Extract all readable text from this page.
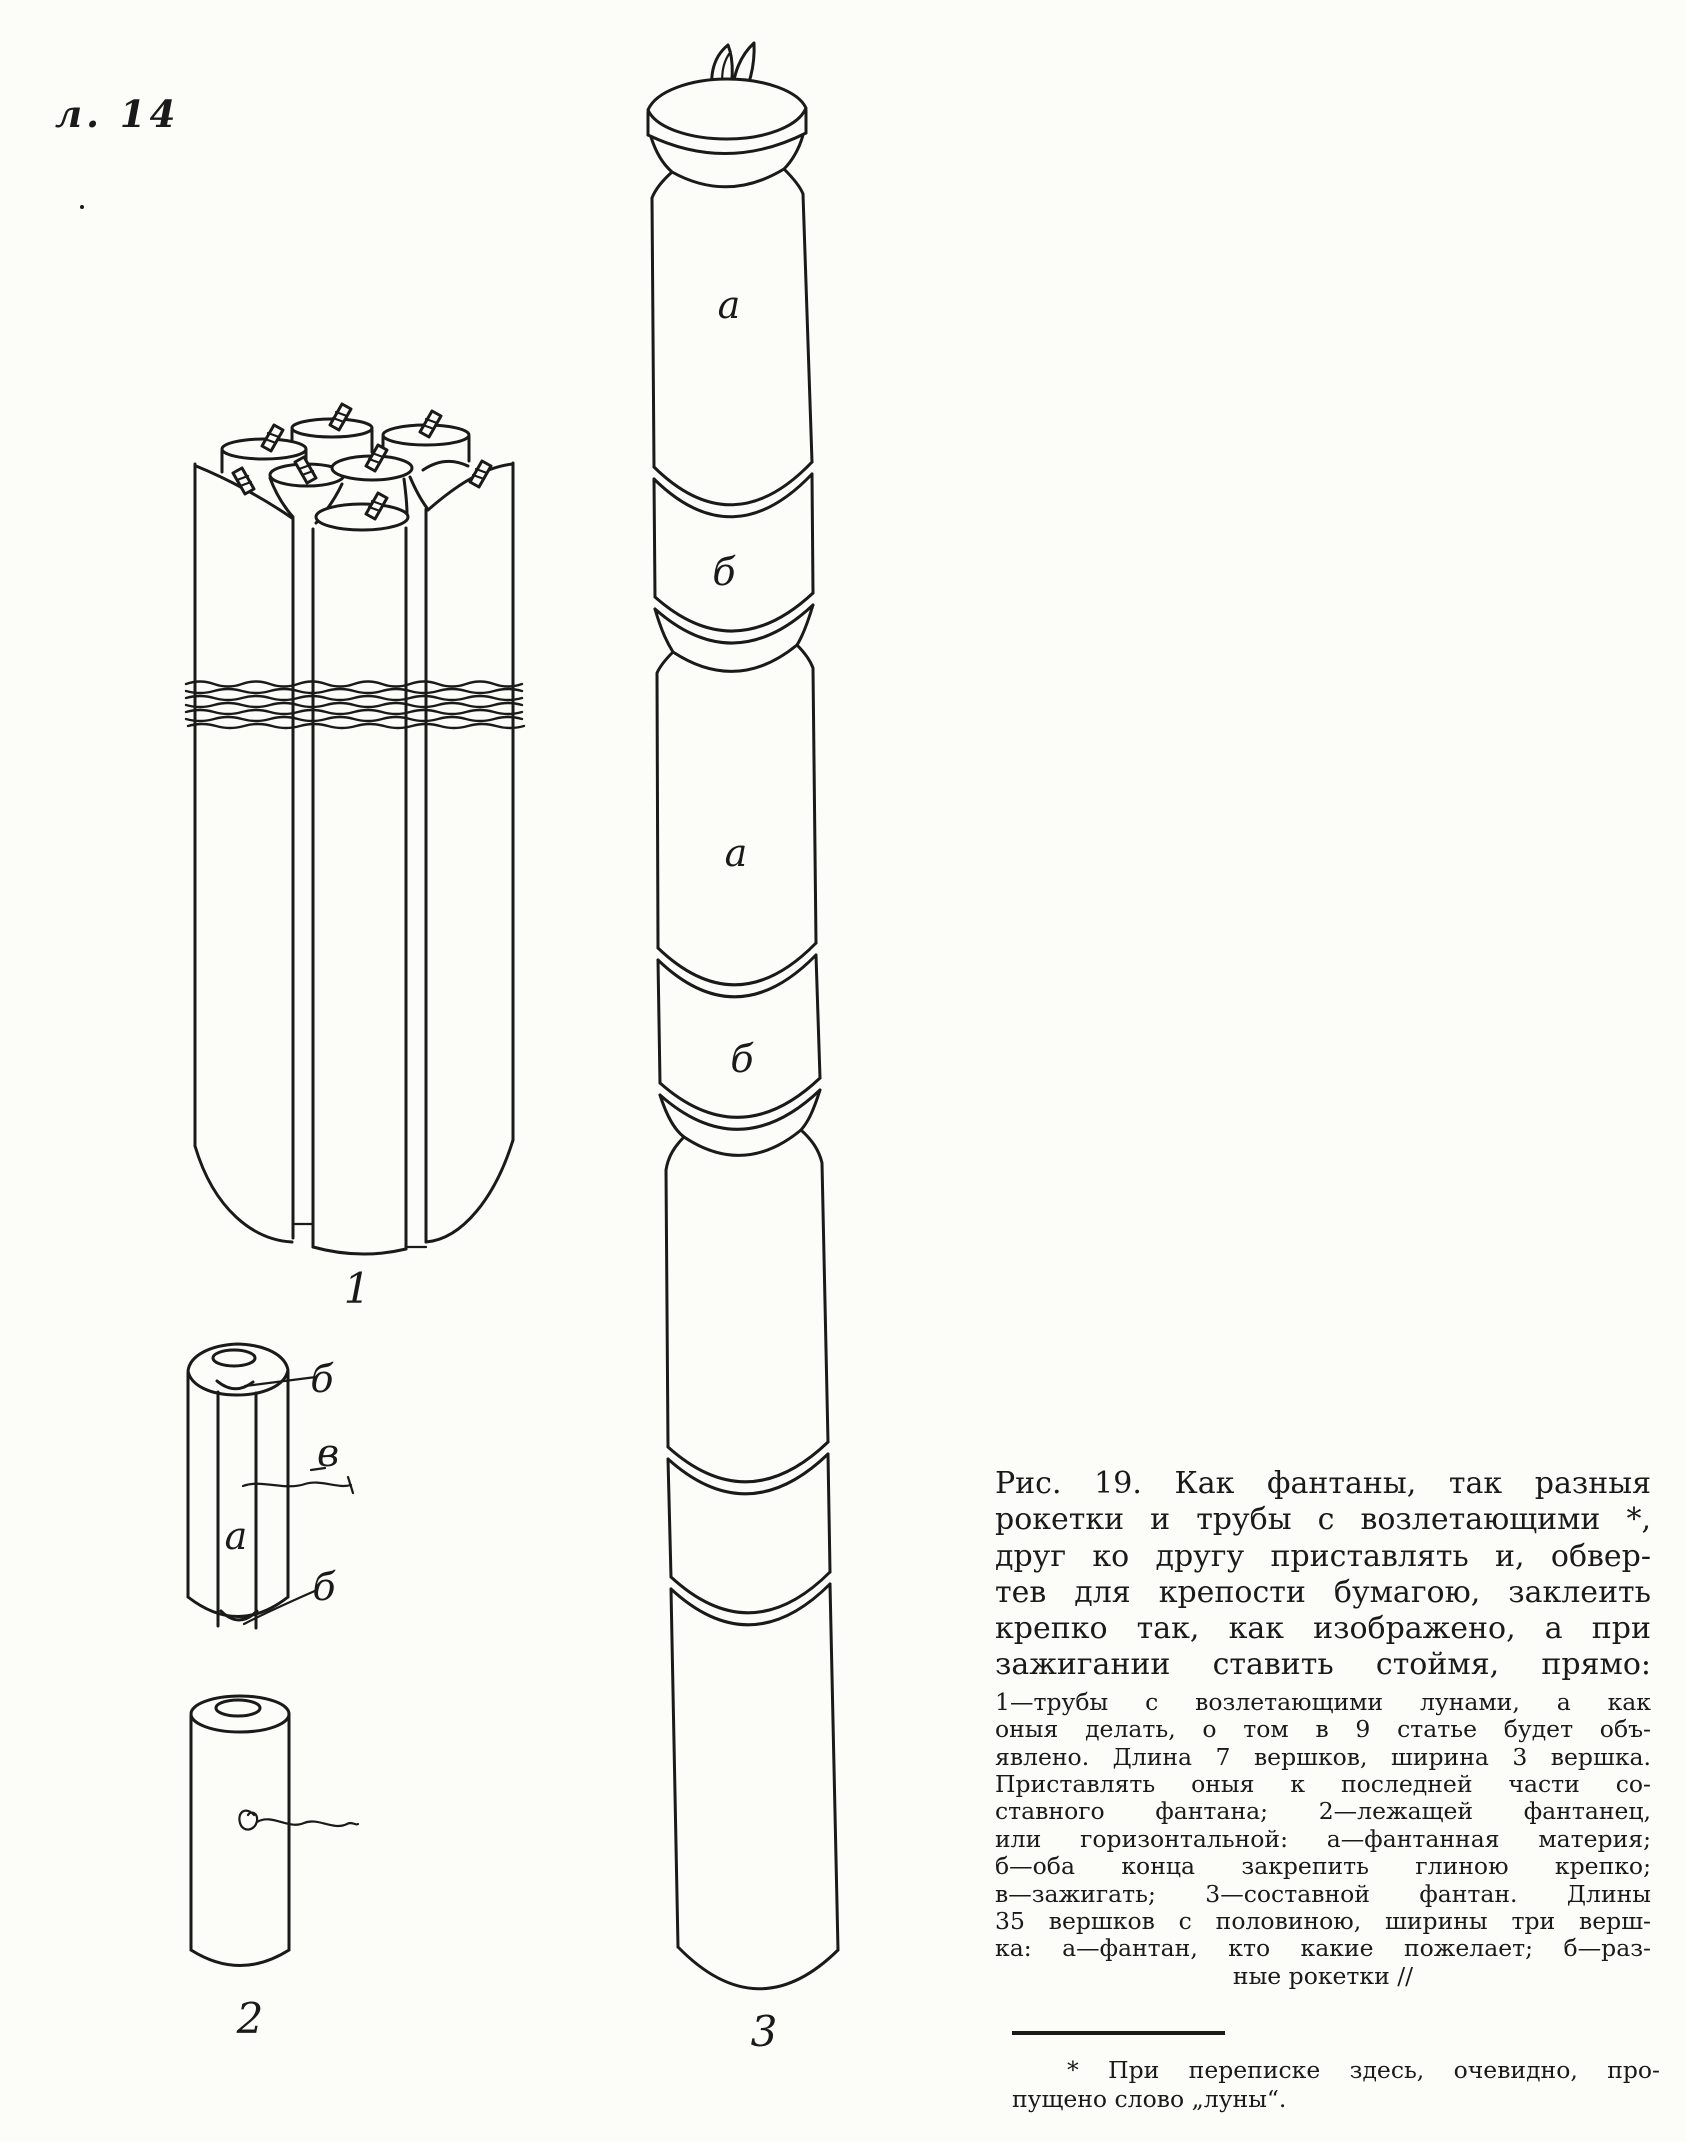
л. 14
1
б
в
а
б
2
а
б
а
б
3
Рис. 19. Как фантаны, так разныя
рокетки и трубы с возлетающими *,
друг ко другу приставлять и, обвер-
тев для крепости бумагою, заклеить
крепко так, как изображено, а при
зажигании ставить стоймя, прямо:
1—трубы с возлетающими лунами, а как
оныя делать, о том в 9 статье будет объ-
явлено. Длина 7 вершков, ширина 3 вершка.
Приставлять оныя к последней части со-
ставного фантана; 2—лежащей фантанец,
или горизонтальной: а—фантанная материя;
б—оба конца закрепить глиною крепко;
в—зажигать; 3—составной фантан. Длины
35 вершков с половиною, ширины три верш-
ка: а—фантан, кто какие пожелает; б—раз-
ные рокетки //
* При переписке здесь, очевидно, про-
пущено слово „луны“.
